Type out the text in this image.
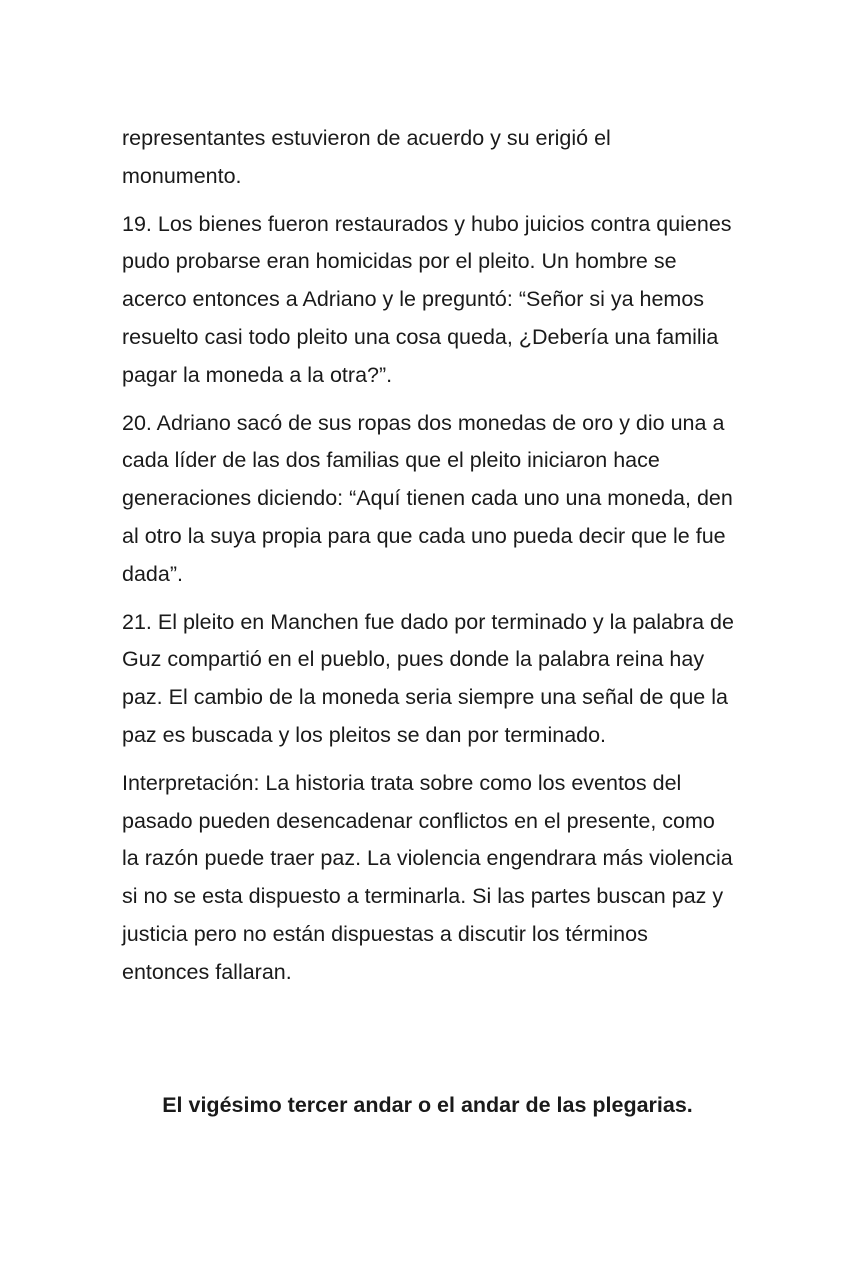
representantes estuvieron de acuerdo y su erigió el monumento.

19. Los bienes fueron restaurados y hubo juicios contra quienes pudo probarse eran homicidas por el pleito. Un hombre se acerco entonces a Adriano y le preguntó: “Señor si ya hemos resuelto casi todo pleito una cosa queda, ¿Debería una familia pagar la moneda a la otra?”.

20. Adriano sacó de sus ropas dos monedas de oro y dio una a cada líder de las dos familias que el pleito iniciaron hace generaciones diciendo: “Aquí tienen cada uno una moneda, den al otro la suya propia para que cada uno pueda decir que le fue dada”.

21. El pleito en Manchen fue dado por terminado y la palabra de Guz compartió en el pueblo, pues donde la palabra reina hay paz. El cambio de la moneda seria siempre una señal de que la paz es buscada y los pleitos se dan por terminado.

Interpretación: La historia trata sobre como los eventos del pasado pueden desencadenar conflictos en el presente, como la razón puede traer paz. La violencia engendrara más violencia si no se esta dispuesto a terminarla. Si las partes buscan paz y justicia pero no están dispuestas a discutir los términos entonces fallaran.

El vigésimo tercer andar o el andar de las plegarias.
